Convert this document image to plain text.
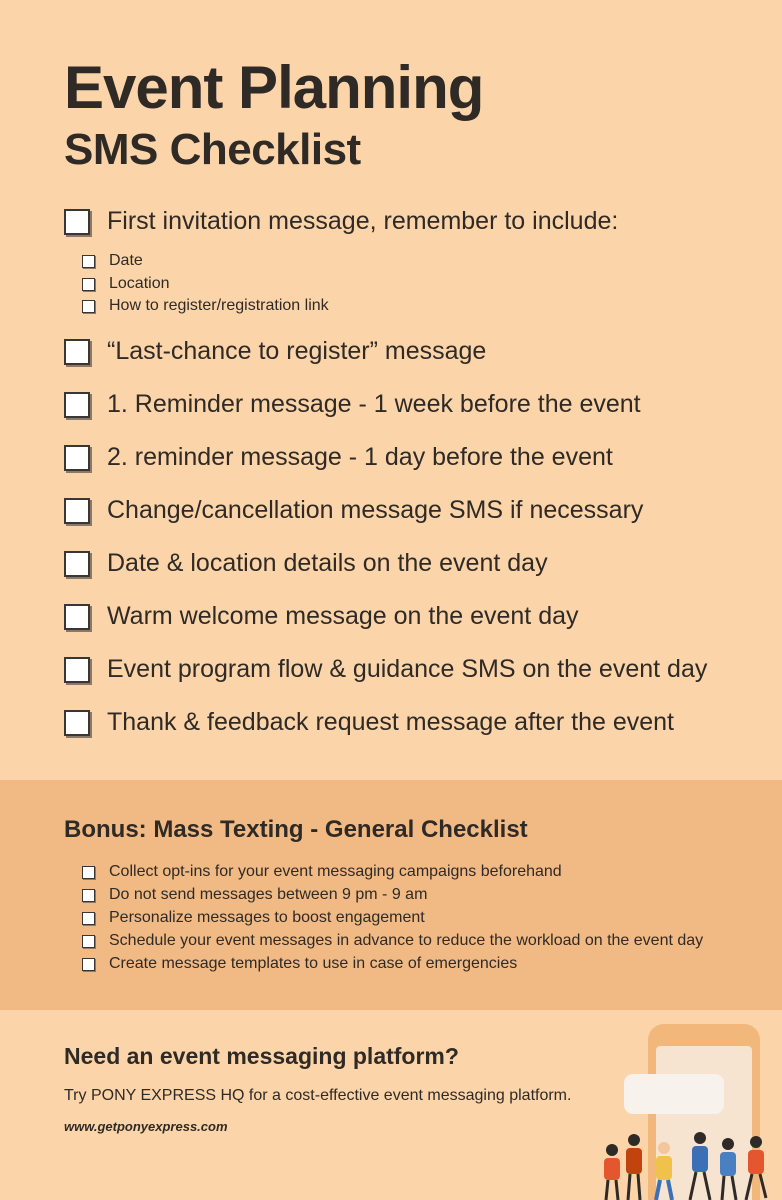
Event Planning
SMS Checklist
First invitation message, remember to include:
Date
Location
How to register/registration link
“Last-chance to register” message
1. Reminder message - 1 week before the event
2. reminder message - 1 day before the event
Change/cancellation message SMS if necessary
Date & location details on the event day
Warm welcome message on the event day
Event program flow & guidance SMS on the event day
Thank & feedback request message after the event
Bonus: Mass Texting - General Checklist
Collect opt-ins for your event messaging campaigns beforehand
Do not send messages between 9 pm - 9 am
Personalize messages to boost engagement
Schedule your event messages in advance to reduce the workload on the event day
Create message templates to use in case of emergencies
Need an event messaging platform?
Try PONY EXPRESS HQ for a cost-effective event messaging platform.
www.getponyexpress.com
